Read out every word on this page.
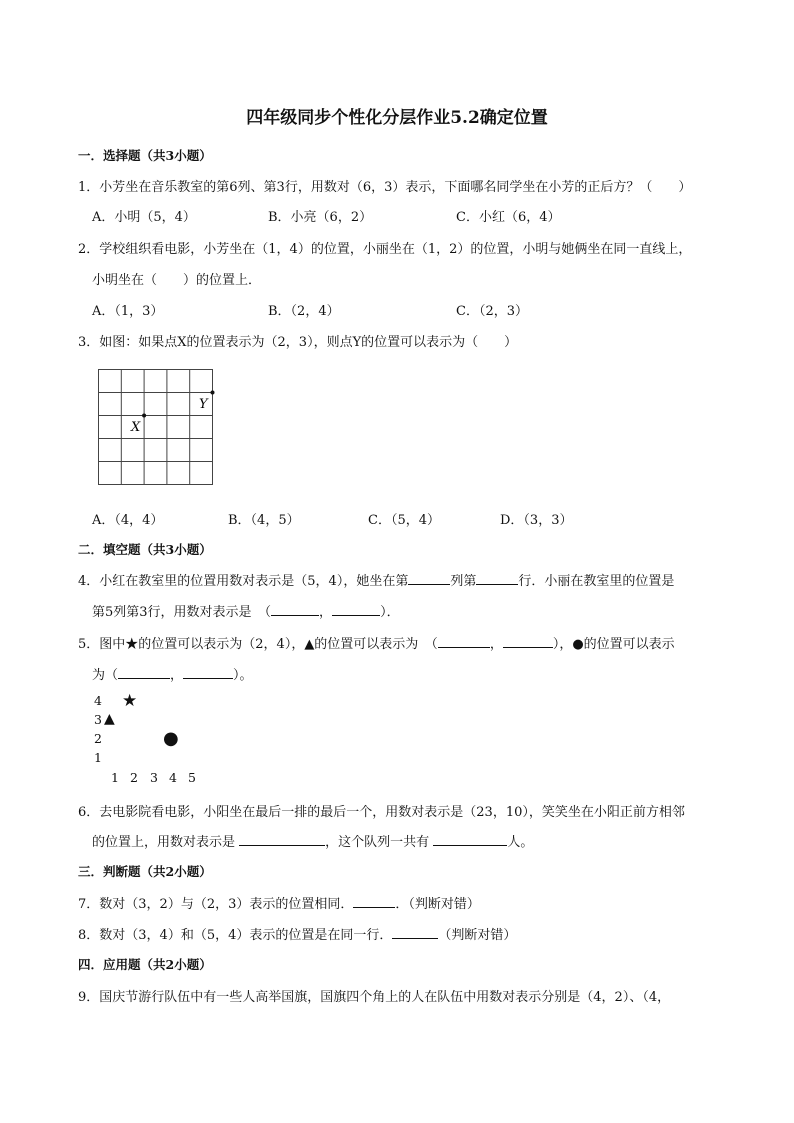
四年级同步个性化分层作业5.2确定位置
一．选择题（共3小题）
1．小芳坐在音乐教室的第6列、第3行，用数对（6，3）表示，下面哪名同学坐在小芳的正后方？（　　）
A．小明（5，4）	B．小亮（6，2）	C．小红（6，4）
2．学校组织看电影，小芳坐在（1，4）的位置，小丽坐在（1，2）的位置，小明与她俩坐在同一直线上，
小明坐在（　　）的位置上．
A．（1，3）	B．（2，4）	C．（2，3）
3．如图：如果点X的位置表示为（2，3），则点Y的位置可以表示为（　　）
X
Y
A．（4，4）	B．（4，5）	C．（5，4）	D．（3，3）
二．填空题（共3小题）
4．小红在教室里的位置用数对表示是（5，4），她坐在第	列第	行．小丽在教室里的位置是
第5列第3行，用数对表示是　（	，	）．
5．图中★的位置可以表示为（2，4），▲的位置可以表示为　（	，	），●的位置可以表示
为（	，	）。
4
3
2
1
★
▲
●
1 2 3 4 5
6．去电影院看电影，小阳坐在最后一排的最后一个，用数对表示是（23，10），笑笑坐在小阳正前方相邻
的位置上，用数对表示是	，这个队列一共有	人。
三．判断题（共2小题）
7．数对（3，2）与（2，3）表示的位置相同．	．（判断对错）
8．数对（3，4）和（5，4）表示的位置是在同一行．	（判断对错）
四．应用题（共2小题）
9．国庆节游行队伍中有一些人高举国旗，国旗四个角上的人在队伍中用数对表示分别是（4，2）、（4，
